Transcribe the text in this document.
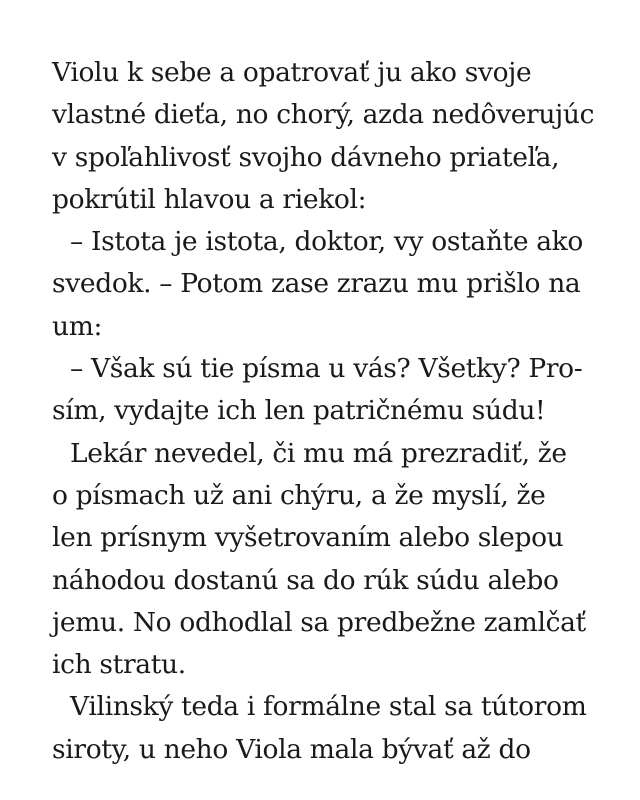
Violu k sebe a opatrovať ju ako svoje
vlastné dieťa, no chorý, azda nedôverujúc
v spoľahlivosť svojho dávneho priateľa,
pokrútil hlavou a riekol:
– Istota je istota, doktor, vy ostaňte ako
svedok. – Potom zase zrazu mu prišlo na
um:
– Však sú tie písma u vás? Všetky? Pro-
sím, vydajte ich len patričnému súdu!
Lekár nevedel, či mu má prezradiť, že
o písmach už ani chýru, a že myslí, že
len prísnym vyšetrovaním alebo slepou
náhodou dostanú sa do rúk súdu alebo
jemu. No odhodlal sa predbežne zamlčať
ich stratu.
Vilinský teda i formálne stal sa tútorom
siroty, u neho Viola mala bývať až do
